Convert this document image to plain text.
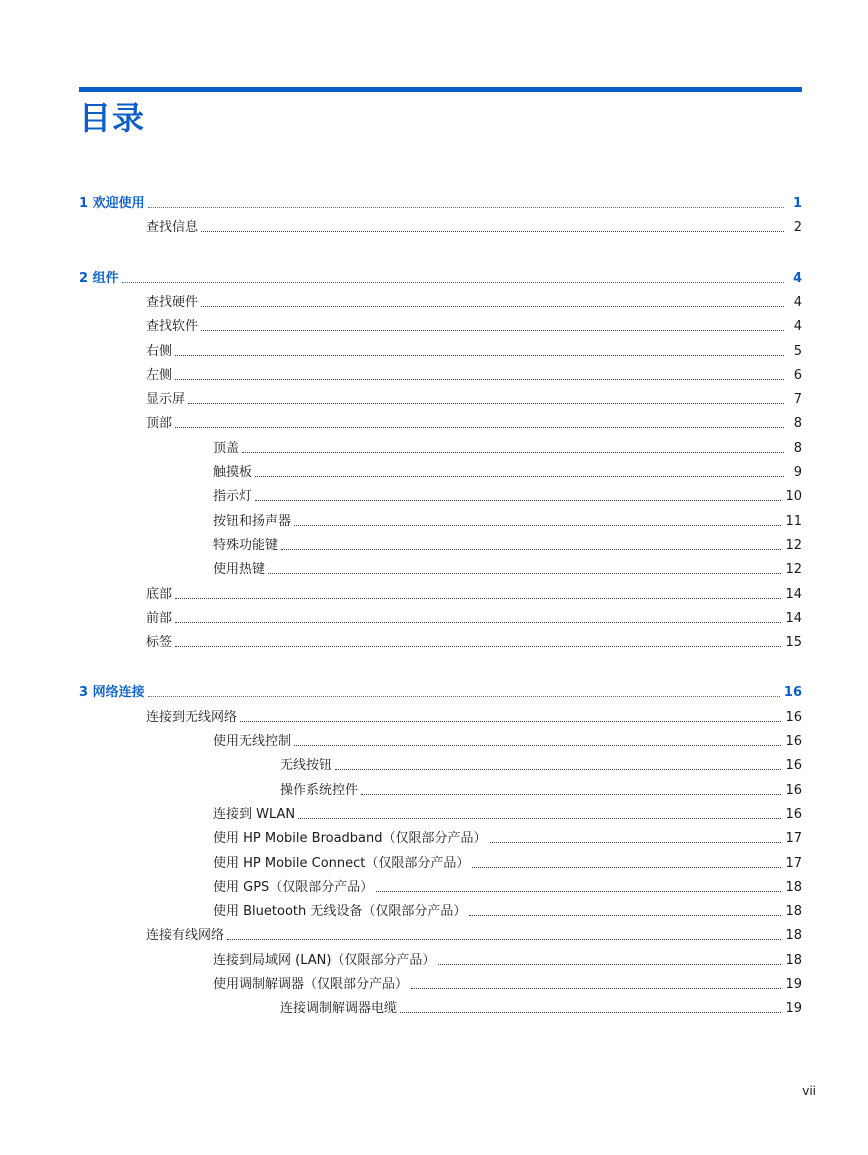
目录
1 欢迎使用	1
查找信息	2
2 组件	4
查找硬件	4
查找软件	4
右侧	5
左侧	6
显示屏	7
顶部	8
顶盖	8
触摸板	9
指示灯	10
按钮和扬声器	11
特殊功能键	12
使用热键	12
底部	14
前部	14
标签	15
3 网络连接	16
连接到无线网络	16
使用无线控制	16
无线按钮	16
操作系统控件	16
连接到 WLAN	16
使用 HP Mobile Broadband（仅限部分产品）	17
使用 HP Mobile Connect（仅限部分产品）	17
使用 GPS（仅限部分产品）	18
使用 Bluetooth 无线设备（仅限部分产品）	18
连接有线网络	18
连接到局域网 (LAN)（仅限部分产品）	18
使用调制解调器（仅限部分产品）	19
连接调制解调器电缆	19
vii
